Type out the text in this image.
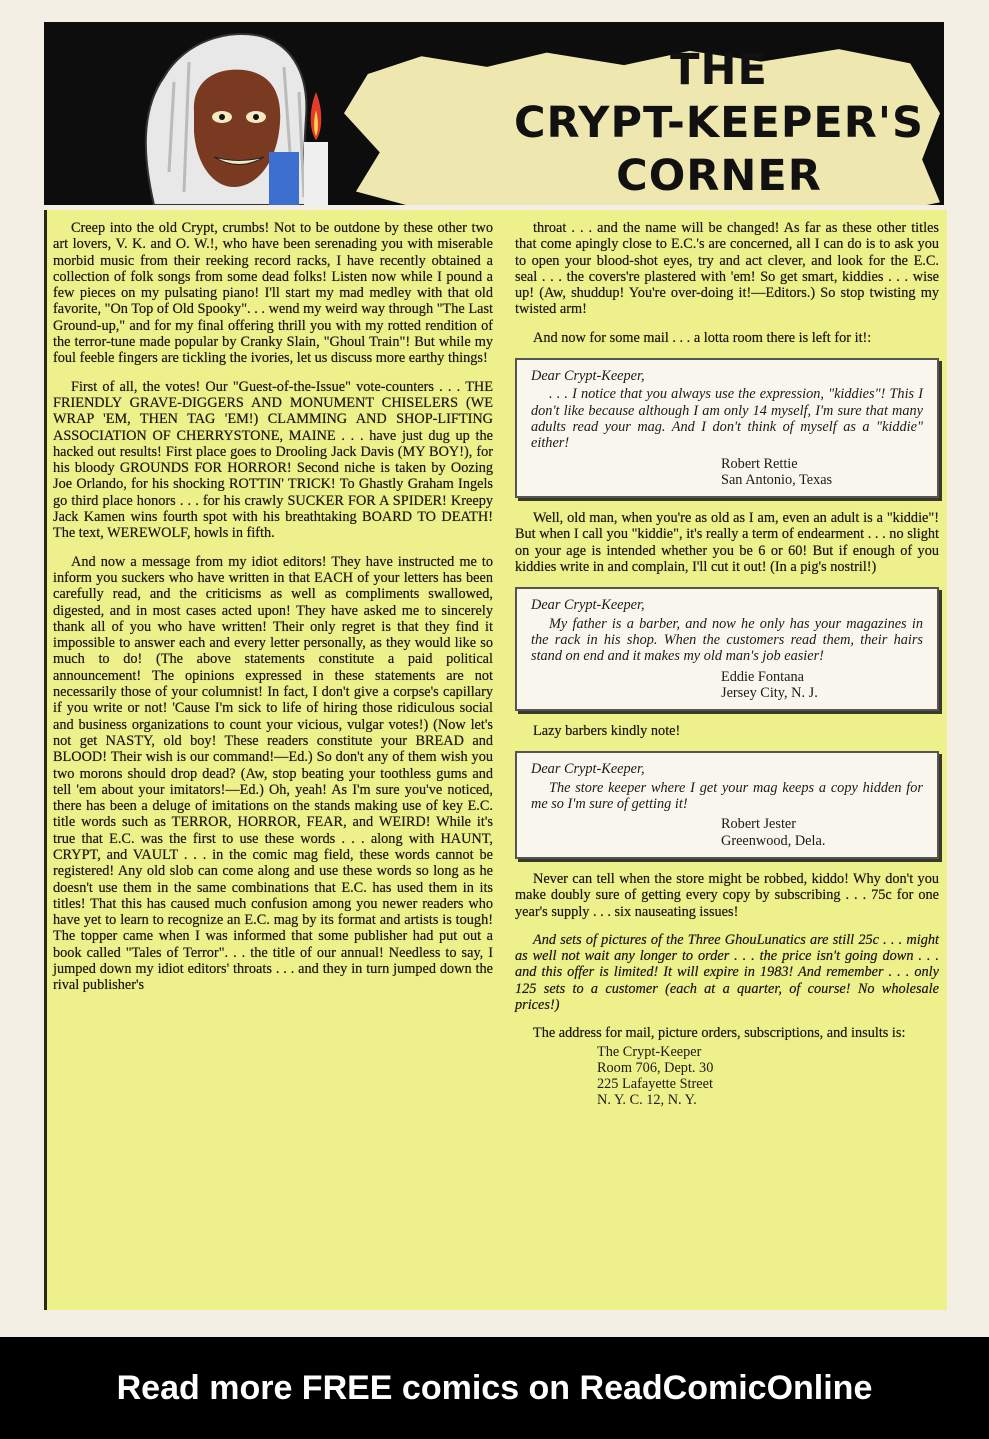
THE
CRYPT-KEEPER'S
CORNER

Creep into the old Crypt, crumbs! Not to be outdone by these other two art lovers, V. K. and O. W.!, who have been serenading you with miserable morbid music from their reeking record racks, I have recently obtained a collection of folk songs from some dead folks! Listen now while I pound a few pieces on my pulsating piano! I'll start my mad medley with that old favorite, "On Top of Old Spooky". . . wend my weird way through "The Last Ground-up," and for my final offering thrill you with my rotted rendition of the terror-tune made popular by Cranky Slain, "Ghoul Train"! But while my foul feeble fingers are tickling the ivories, let us discuss more earthy things!

First of all, the votes! Our "Guest-of-the-Issue" vote-counters . . . THE FRIENDLY GRAVE-DIGGERS AND MONUMENT CHISELERS (WE WRAP 'EM, THEN TAG 'EM!) CLAMMING AND SHOP-LIFTING ASSOCIATION OF CHERRYSTONE, MAINE . . . have just dug up the hacked out results! First place goes to Drooling Jack Davis (MY BOY!), for his bloody GROUNDS FOR HORROR! Second niche is taken by Oozing Joe Orlando, for his shocking ROTTIN' TRICK! To Ghastly Graham Ingels go third place honors . . . for his crawly SUCKER FOR A SPIDER! Kreepy Jack Kamen wins fourth spot with his breathtaking BOARD TO DEATH! The text, WEREWOLF, howls in fifth.

And now a message from my idiot editors! They have instructed me to inform you suckers who have written in that EACH of your letters has been carefully read, and the criticisms as well as compliments swallowed, digested, and in most cases acted upon! They have asked me to sincerely thank all of you who have written! Their only regret is that they find it impossible to answer each and every letter personally, as they would like so much to do! (The above statements constitute a paid political announcement! The opinions expressed in these statements are not necessarily those of your columnist! In fact, I don't give a corpse's capillary if you write or not! 'Cause I'm sick to life of hiring those ridiculous social and business organizations to count your vicious, vulgar votes!) (Now let's not get NASTY, old boy! These readers constitute your BREAD and BLOOD! Their wish is our command!—Ed.) So don't any of them wish you two morons should drop dead? (Aw, stop beating your toothless gums and tell 'em about your imitators!—Ed.) Oh, yeah! As I'm sure you've noticed, there has been a deluge of imitations on the stands making use of key E.C. title words such as TERROR, HORROR, FEAR, and WEIRD! While it's true that E.C. was the first to use these words . . . along with HAUNT, CRYPT, and VAULT . . . in the comic mag field, these words cannot be registered! Any old slob can come along and use these words so long as he doesn't use them in the same combinations that E.C. has used them in its titles! That this has caused much confusion among you newer readers who have yet to learn to recognize an E.C. mag by its format and artists is tough! The topper came when I was informed that some publisher had put out a book called "Tales of Terror". . . the title of our annual! Needless to say, I jumped down my idiot editors' throats . . . and they in turn jumped down the rival publisher's

throat . . . and the name will be changed! As far as these other titles that come apingly close to E.C.'s are concerned, all I can do is to ask you to open your blood-shot eyes, try and act clever, and look for the E.C. seal . . . the covers're plastered with 'em! So get smart, kiddies . . . wise up! (Aw, shuddup! You're over-doing it!—Editors.) So stop twisting my twisted arm!

And now for some mail . . . a lotta room there is left for it!:

Dear Crypt-Keeper,
. . . I notice that you always use the expression, "kiddies"! This I don't like because although I am only 14 myself, I'm sure that many adults read your mag. And I don't think of myself as a "kiddie" either!
Robert Rettie
San Antonio, Texas

Well, old man, when you're as old as I am, even an adult is a "kiddie"! But when I call you "kiddie", it's really a term of endearment . . . no slight on your age is intended whether you be 6 or 60! But if enough of you kiddies write in and complain, I'll cut it out! (In a pig's nostril!)

Dear Crypt-Keeper,
My father is a barber, and now he only has your magazines in the rack in his shop. When the customers read them, their hairs stand on end and it makes my old man's job easier!
Eddie Fontana
Jersey City, N. J.

Lazy barbers kindly note!

Dear Crypt-Keeper,
The store keeper where I get your mag keeps a copy hidden for me so I'm sure of getting it!
Robert Jester
Greenwood, Dela.

Never can tell when the store might be robbed, kiddo! Why don't you make doubly sure of getting every copy by subscribing . . . 75c for one year's supply . . . six nauseating issues!

And sets of pictures of the Three GhouLunatics are still 25c . . . might as well not wait any longer to order . . . the price isn't going down . . . and this offer is limited! It will expire in 1983! And remember . . . only 125 sets to a customer (each at a quarter, of course! No wholesale prices!)

The address for mail, picture orders, subscriptions, and insults is:

The Crypt-Keeper
Room 706, Dept. 30
225 Lafayette Street
N. Y. C. 12, N. Y.
Read more FREE comics on ReadComicOnline
